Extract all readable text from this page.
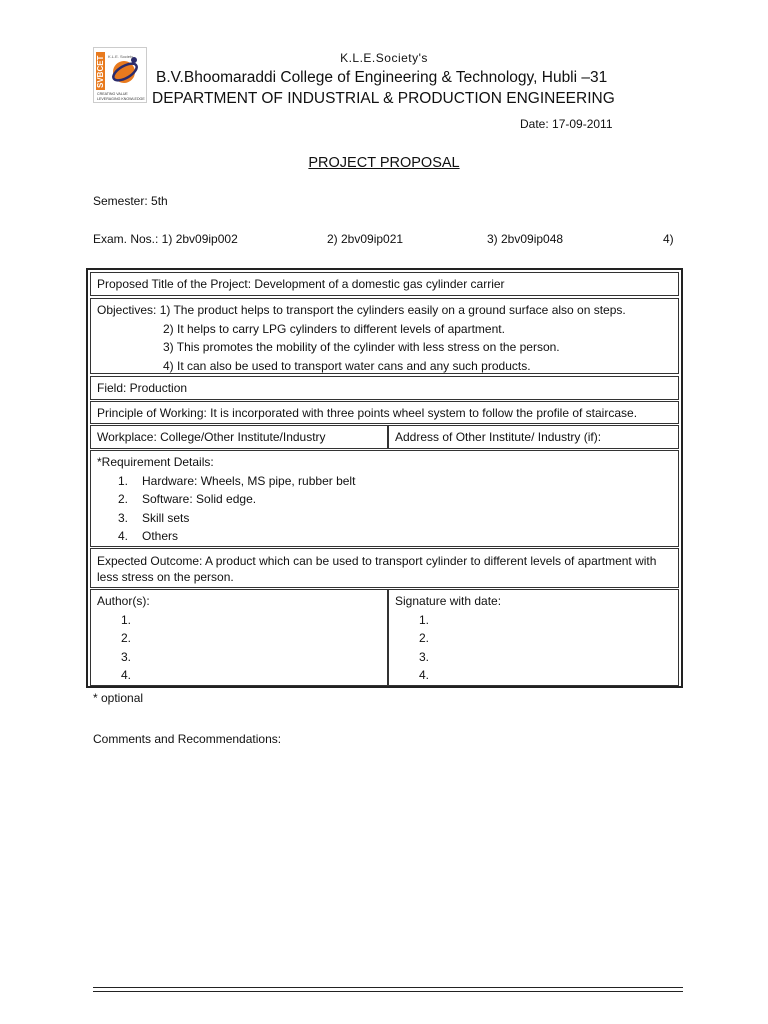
SVBCET K.L.E. Society
CREATING VALUE
LEVERAGING KNOWLEDGE
K.L.E.Society's
B.V.Bhoomaraddi College of Engineering & Technology, Hubli –31
DEPARTMENT OF INDUSTRIAL & PRODUCTION ENGINEERING
Date: 17-09-2011
PROJECT PROPOSAL
Semester: 5th
Exam. Nos.: 1) 2bv09ip002	2) 2bv09ip021	3) 2bv09ip048	4)
Proposed Title of the Project: Development of a domestic gas cylinder carrier
Objectives: 1) The product helps to transport the cylinders easily on a ground surface also on steps.
2) It helps to carry LPG cylinders to different levels of apartment.
3) This promotes the mobility of the cylinder with less stress on the person.
4) It can also be used to transport water cans and any such products.
Field: Production
Principle of Working: It is incorporated with three points wheel system to follow the profile of staircase.
Workplace: College/Other Institute/Industry	Address of Other Institute/ Industry (if):
*Requirement Details:
1. Hardware: Wheels, MS pipe, rubber belt
2. Software: Solid edge.
3. Skill sets
4. Others
Expected Outcome: A product which can be used to transport cylinder to different levels of apartment with less stress on the person.
Author(s):
1.
2.
3.
4.
Signature with date:
1.
2.
3.
4.
* optional
Comments and Recommendations:
